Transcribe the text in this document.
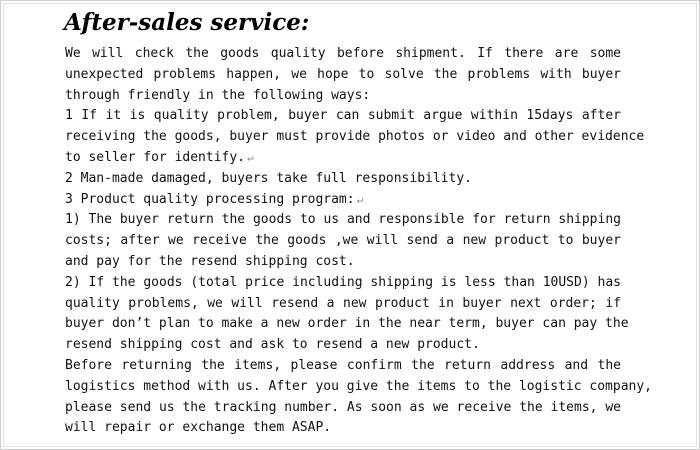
After-sales service:
We will check the goods quality before shipment. If there are some
unexpected problems happen, we hope to solve the problems with buyer
through friendly in the following ways:
1 If it is quality problem, buyer can submit argue within 15days after
receiving the goods, buyer must provide photos or video and other evidence
to seller for identify. ↵
2 Man-made damaged, buyers take full responsibility.
3 Product quality processing program: ↵
1) The buyer return the goods to us and responsible for return shipping
costs; after we receive the goods ,we will send a new product to buyer
and pay for the resend shipping cost.
2) If the goods (total price including shipping is less than 10USD) has
quality problems, we will resend a new product in buyer next order; if
buyer don’t plan to make a new order in the near term, buyer can pay the
resend shipping cost and ask to resend a new product.
Before returning the items, please confirm the return address and the
logistics method with us. After you give the items to the logistic company,
please send us the tracking number. As soon as we receive the items, we
will repair or exchange them ASAP.
